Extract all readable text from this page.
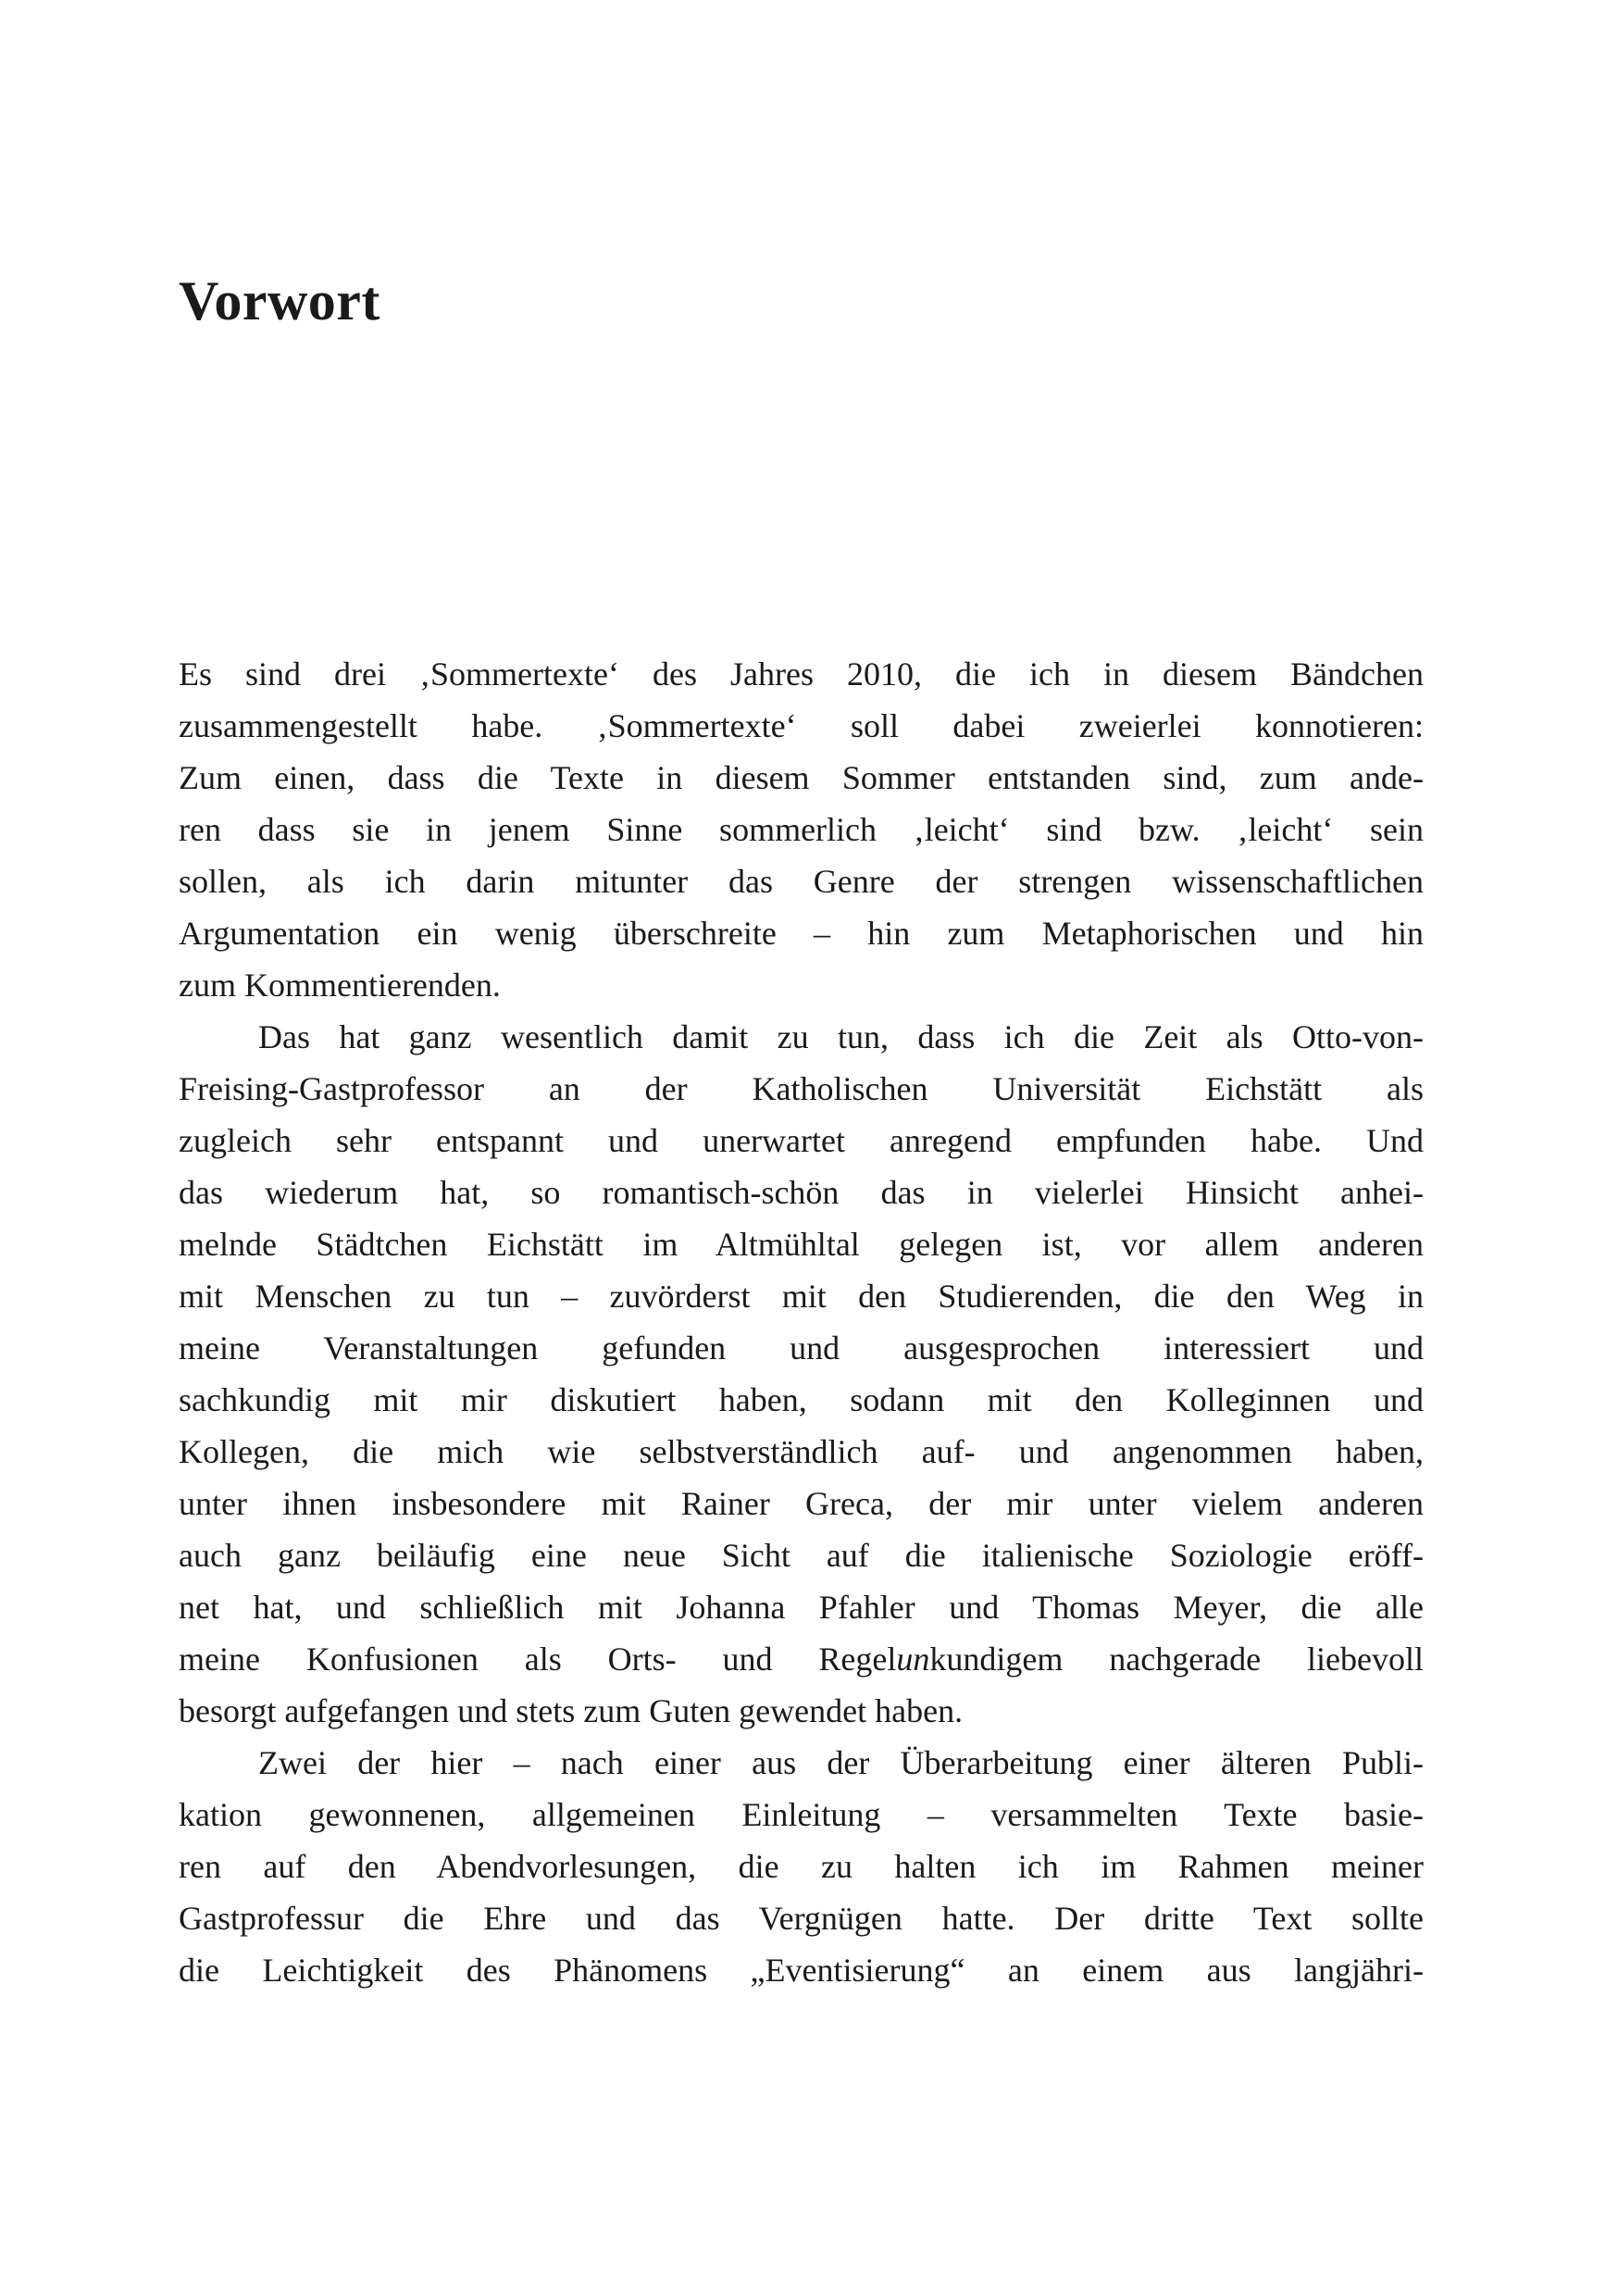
Vorwort
Es sind drei ‚Sommertexte‘ des Jahres 2010, die ich in diesem Bändchen
zusammengestellt habe. ‚Sommertexte‘ soll dabei zweierlei konnotieren:
Zum einen, dass die Texte in diesem Sommer entstanden sind, zum ande-
ren dass sie in jenem Sinne sommerlich ‚leicht‘ sind bzw. ‚leicht‘ sein
sollen, als ich darin mitunter das Genre der strengen wissenschaftlichen
Argumentation ein wenig überschreite – hin zum Metaphorischen und hin
zum Kommentierenden.
Das hat ganz wesentlich damit zu tun, dass ich die Zeit als Otto-von-
Freising-Gastprofessor an der Katholischen Universität Eichstätt als
zugleich sehr entspannt und unerwartet anregend empfunden habe. Und
das wiederum hat, so romantisch-schön das in vielerlei Hinsicht anhei-
melnde Städtchen Eichstätt im Altmühltal gelegen ist, vor allem anderen
mit Menschen zu tun – zuvörderst mit den Studierenden, die den Weg in
meine Veranstaltungen gefunden und ausgesprochen interessiert und
sachkundig mit mir diskutiert haben, sodann mit den Kolleginnen und
Kollegen, die mich wie selbstverständlich auf- und angenommen haben,
unter ihnen insbesondere mit Rainer Greca, der mir unter vielem anderen
auch ganz beiläufig eine neue Sicht auf die italienische Soziologie eröff-
net hat, und schließlich mit Johanna Pfahler und Thomas Meyer, die alle
meine Konfusionen als Orts- und Regelunkundigem nachgerade liebevoll
besorgt aufgefangen und stets zum Guten gewendet haben.
Zwei der hier – nach einer aus der Überarbeitung einer älteren Publi-
kation gewonnenen, allgemeinen Einleitung – versammelten Texte basie-
ren auf den Abendvorlesungen, die zu halten ich im Rahmen meiner
Gastprofessur die Ehre und das Vergnügen hatte. Der dritte Text sollte
die Leichtigkeit des Phänomens „Eventisierung“ an einem aus langjähri-
